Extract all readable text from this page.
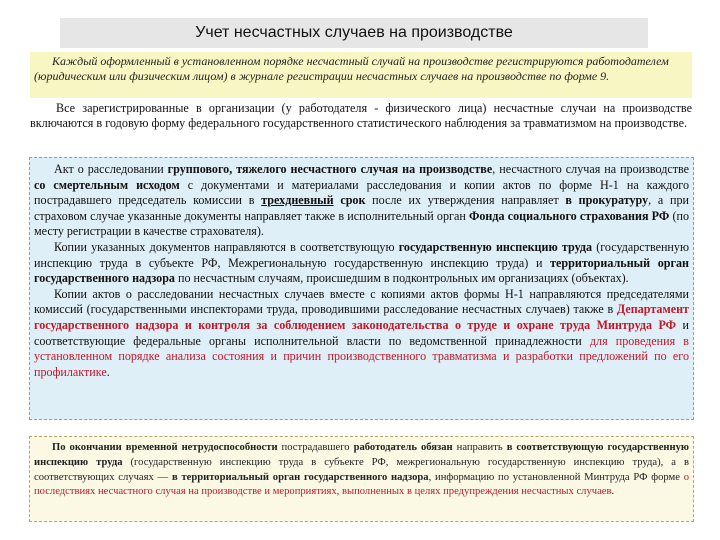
Учет несчастных случаев на производстве

Каждый оформленный в установленном порядке несчастный случай на производстве регистрируются работодателем (юридическим или физическим лицом) в журнале регистрации несчастных случаев на производстве по форме 9.

Все зарегистрированные в организации (у работодателя - физического лица) несчастные случаи на производстве включаются в годовую форму федерального государственного статистического наблюдения за травматизмом на производстве.

Акт о расследовании группового, тяжелого несчастного случая на производстве, несчастного случая на производстве со смертельным исходом с документами и материалами расследования и копии актов по форме Н-1 на каждого пострадавшего председатель комиссии в трехдневный срок после их утверждения направляет в прокуратуру, а при страховом случае указанные документы направляет также в исполнительный орган Фонда социального страхования РФ (по месту регистрации в качестве страхователя).

Копии указанных документов направляются в соответствующую государственную инспекцию труда (государственную инспекцию труда в субъекте РФ, Межрегиональную государственную инспекцию труда) и территориальный орган государственного надзора по несчастным случаям, происшедшим в подконтрольных им организациях (объектах).

Копии актов о расследовании несчастных случаев вместе с копиями актов формы Н-1 направляются председателями комиссий (государственными инспекторами труда, проводившими расследование несчастных случаев) также в Департамент государственного надзора и контроля за соблюдением законодательства о труде и охране труда Минтруда РФ и соответствующие федеральные органы исполнительной власти по ведомственной принадлежности для проведения в установленном порядке анализа состояния и причин производственного травматизма и разработки предложений по его профилактике.

По окончании временной нетрудоспособности пострадавшего работодатель обязан направить в соответствующую государственную инспекцию труда (государственную инспекцию труда в субъекте РФ, межрегиональную государственную инспекцию труда), а в соответствующих случаях — в территориальный орган государственного надзора, информацию по установленной Минтруда РФ форме о последствиях несчастного случая на производстве и мероприятиях, выполненных в целях предупреждения несчастных случаев.
